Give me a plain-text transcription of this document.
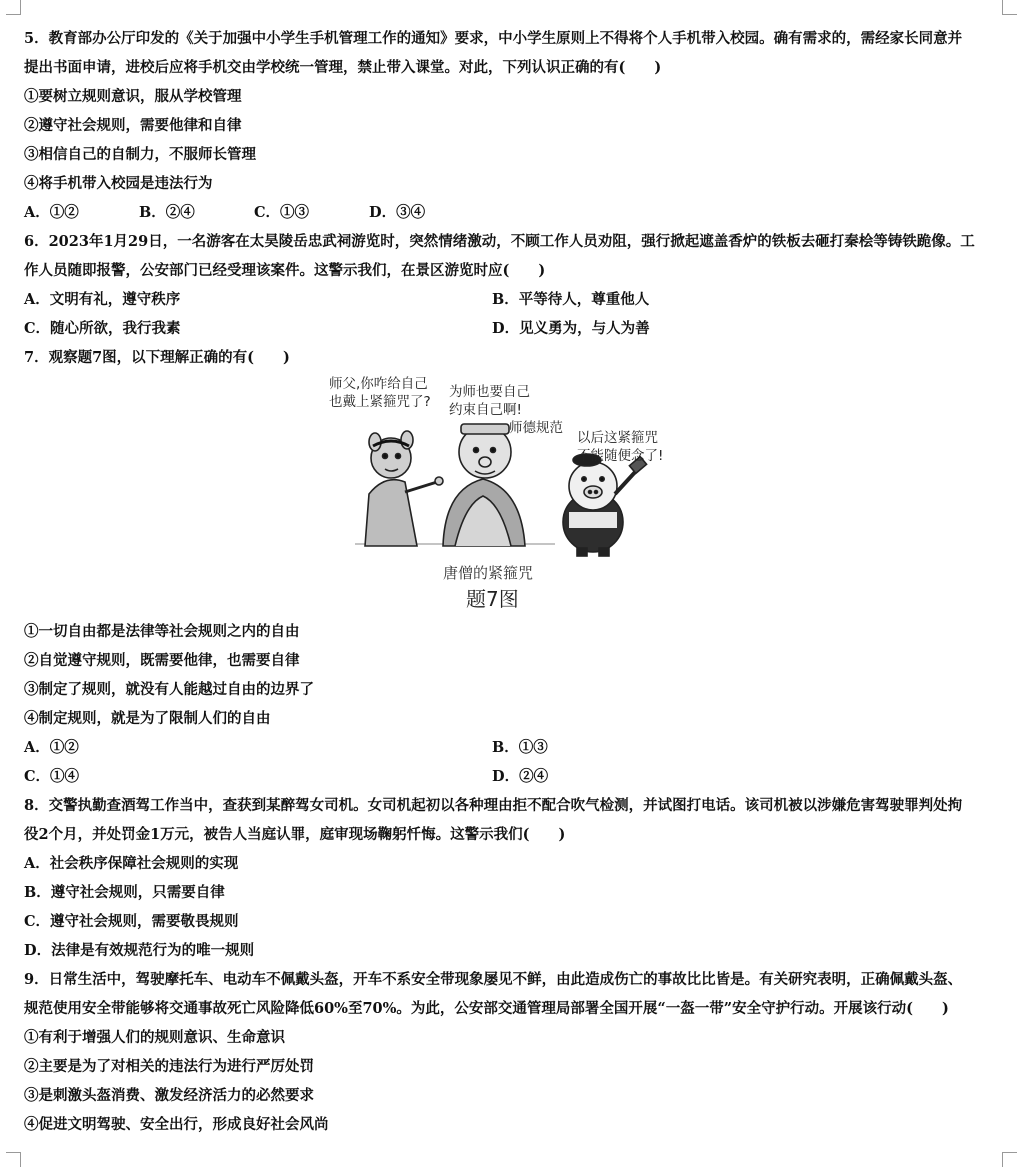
5．教育部办公厅印发的《关于加强中小学生手机管理工作的通知》要求，中小学生原则上不得将个人手机带入校园。确有需求的，需经家长同意并
提出书面申请，进校后应将手机交由学校统一管理，禁止带入课堂。对此，下列认识正确的有(　　)
①要树立规则意识，服从学校管理
②遵守社会规则，需要他律和自律
③相信自己的自制力，不服师长管理
④将手机带入校园是违法行为
A．①②	B．②④	C．①③	D．③④
6．2023年1月29日，一名游客在太昊陵岳忠武祠游览时，突然情绪激动，不顾工作人员劝阻，强行掀起遮盖香炉的铁板去砸打秦桧等铸铁跪像。工
作人员随即报警，公安部门已经受理该案件。这警示我们，在景区游览时应(　　)
A．文明有礼，遵守秩序	B．平等待人，尊重他人
C．随心所欲，我行我素	D．见义勇为，与人为善
7．观察题7图，以下理解正确的有(　　)
师父,你咋给自己
也戴上紧箍咒了?
为师也要自己
约束自己啊!
师德规范
以后这紧箍咒
不能随便念了!
唐僧的紧箍咒
题7图
①一切自由都是法律等社会规则之内的自由
②自觉遵守规则，既需要他律，也需要自律
③制定了规则，就没有人能越过自由的边界了
④制定规则，就是为了限制人们的自由
A．①②	B．①③
C．①④	D．②④
8．交警执勤查酒驾工作当中，查获到某醉驾女司机。女司机起初以各种理由拒不配合吹气检测，并试图打电话。该司机被以涉嫌危害驾驶罪判处拘
役2个月，并处罚金1万元，被告人当庭认罪，庭审现场鞠躬忏悔。这警示我们(　　)
A．社会秩序保障社会规则的实现
B．遵守社会规则，只需要自律
C．遵守社会规则，需要敬畏规则
D．法律是有效规范行为的唯一规则
9．日常生活中，驾驶摩托车、电动车不佩戴头盔，开车不系安全带现象屡见不鲜，由此造成伤亡的事故比比皆是。有关研究表明，正确佩戴头盔、
规范使用安全带能够将交通事故死亡风险降低60%至70%。为此，公安部交通管理局部署全国开展“一盔一带”安全守护行动。开展该行动(　　)
①有利于增强人们的规则意识、生命意识
②主要是为了对相关的违法行为进行严厉处罚
③是刺激头盔消费、激发经济活力的必然要求
④促进文明驾驶、安全出行，形成良好社会风尚
